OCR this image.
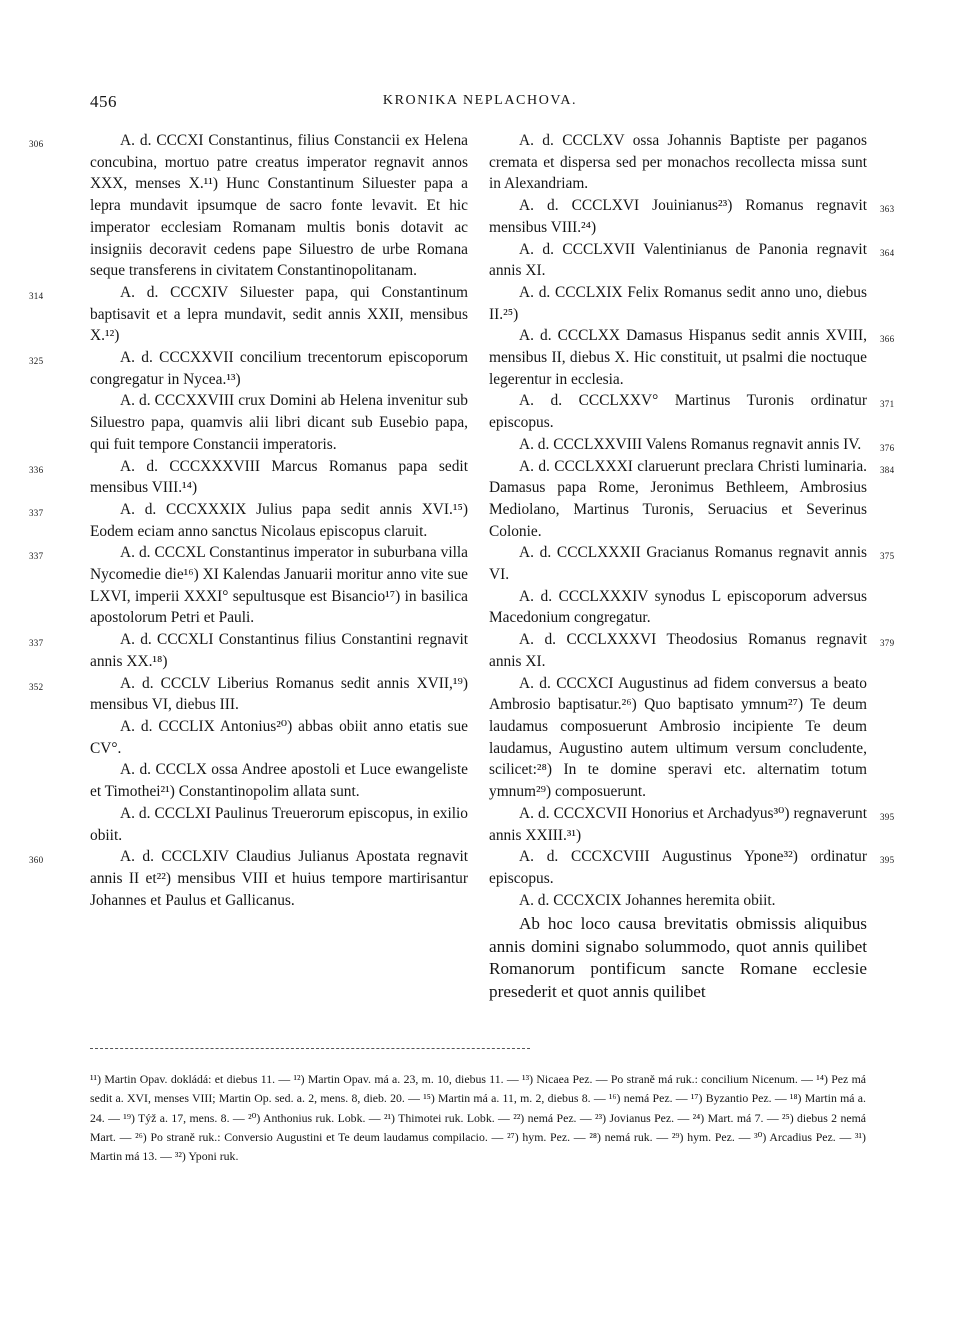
456	KRONIKA NEPLACHOVA.

306	A. d. CCCXI Constantinus, filius Constancii ex Helena concubina, mortuo patre creatus imperator regnavit annos XXX, menses X.¹¹) Hunc Constantinum Siluester papa a lepra mundavit ipsumque de sacro fonte levavit. Et hic imperator ecclesiam Romanam multis bonis dotavit ac insigniis decoravit cedens pape Siluestro de urbe Romana seque transferens in civitatem Constantinopolitanam.

314	A. d. CCCXIV Siluester papa, qui Constantinum baptisavit et a lepra mundavit, sedit annis XXII, mensibus X.¹²)

325	A. d. CCCXXVII concilium trecentorum episcoporum congregatur in Nycea.¹³)

A. d. CCCXXVIII crux Domini ab Helena invenitur sub Siluestro papa, quamvis alii libri dicant sub Eusebio papa, qui fuit tempore Constancii imperatoris.

336	A. d. CCCXXXVIII Marcus Romanus papa sedit mensibus VIII.¹⁴)

337	A. d. CCCXXXIX Julius papa sedit annis XVI.¹⁵) Eodem eciam anno sanctus Nicolaus episcopus claruit.

337	A. d. CCCXL Constantinus imperator in suburbana villa Nycomedie die¹⁶) XI Kalendas Januarii moritur anno vite sue LXVI, imperii XXXI° sepultusque est Bisancio¹⁷) in basilica apostolorum Petri et Pauli.

337	A. d. CCCXLI Constantinus filius Constantini regnavit annis XX.¹⁸)

352	A. d. CCCLV Liberius Romanus sedit annis XVII,¹⁹) mensibus VI, diebus III.

A. d. CCCLIX Antonius²⁰) abbas obiit anno etatis sue CV°.

A. d. CCCLX ossa Andree apostoli et Luce ewangeliste et Timothei²¹) Constantinopolim allata sunt.

A. d. CCCLXI Paulinus Treuerorum episcopus, in exilio obiit.

360	A. d. CCCLXIV Claudius Julianus Apostata regnavit annis II et²²) mensibus VIII et huius tempore martirisantur Johannes et Paulus et Gallicanus.

A. d. CCCLXV ossa Johannis Baptiste per paganos cremata et dispersa sed per monachos recollecta missa sunt in Alexandriam.

363
A. d. CCCLXVI Jouinianus²³) Romanus regnavit mensibus VIII.²⁴)

364
A. d. CCCLXVII Valentinianus de Panonia regnavit annis XI.

A. d. CCCLXIX Felix Romanus sedit anno uno, diebus II.²⁵)

366
A. d. CCCLXX Damasus Hispanus sedit annis XVIII, mensibus II, diebus X. Hic constituit, ut psalmi die noctuque legerentur in ecclesia.

371
A. d. CCCLXXV° Martinus Turonis ordinatur episcopus.

376
A. d. CCCLXXVIII Valens Romanus regnavit annis IV.

384
A. d. CCCLXXXI claruerunt preclara Christi luminaria. Damasus papa Rome, Jeronimus Bethleem, Ambrosius Mediolano, Martinus Turonis, Seruacius et Severinus Colonie.

375
A. d. CCCLXXXII Gracianus Romanus regnavit annis VI.

A. d. CCCLXXXIV synodus L episcoporum adversus Macedonium congregatur.

379
A. d. CCCLXXXVI Theodosius Romanus regnavit annis XI.

A. d. CCCXCI Augustinus ad fidem conversus a beato Ambrosio baptisatur.²⁶) Quo baptisato ymnum²⁷) Te deum laudamus composuerunt Ambrosio incipiente Te deum laudamus, Augustino autem ultimum versum concludente, scilicet:²⁸) In te domine speravi etc. alternatim totum ymnum²⁹) composuerunt.

395
A. d. CCCXCVII Honorius et Archadyus³⁰) regnaverunt annis XXIII.³¹)

395
A. d. CCCXCVIII Augustinus Ypone³²) ordinatur episcopus.

A. d. CCCXCIX Johannes heremita obiit.

Ab hoc loco causa brevitatis obmissis aliquibus annis domini signabo solummodo, quot annis quilibet Romanorum pontificum sancte Romane ecclesie presederit et quot annis quilibet

¹¹) Martin Opav. dokládá: et diebus 11. — ¹²) Martin Opav. má a. 23, m. 10, diebus 11. — ¹³) Nicaea Pez. — Po straně má ruk.: concilium Nicenum. — ¹⁴) Pez má sedit a. XVI, menses VIII; Martin Op. sed. a. 2, mens. 8, dieb. 20. — ¹⁵) Martin má a. 11, m. 2, diebus 8. — ¹⁶) nemá Pez. — ¹⁷) Byzantio Pez. — ¹⁸) Martin má a. 24. — ¹⁹) Týž a. 17, mens. 8. — ²⁰) Anthonius ruk. Lobk. — ²¹) Thimotei ruk. Lobk. — ²²) nemá Pez. — ²³) Jovianus Pez. — ²⁴) Mart. má 7. — ²⁵) diebus 2 nemá Mart. — ²⁶) Po straně ruk.: Conversio Augustini et Te deum laudamus compilacio. — ²⁷) hym. Pez. — ²⁸) nemá ruk. — ²⁹) hym. Pez. — ³⁰) Arcadius Pez. — ³¹) Martin má 13. — ³²) Yponi ruk.
